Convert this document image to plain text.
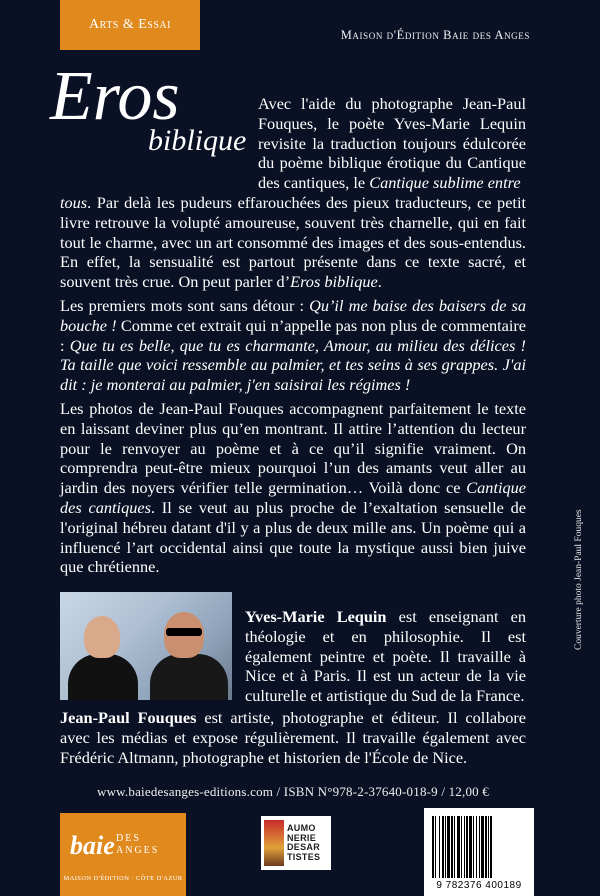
Arts & Essai
Maison d'Édition Baie des Anges
Eros
biblique
Avec l'aide du photographe Jean-Paul Fouques, le poète Yves-Marie Lequin revisite la traduction toujours édulcorée du poème biblique érotique du Cantique des cantiques, le Cantique sublime entre
tous. Par delà les pudeurs effarouchées des pieux traducteurs, ce petit livre retrouve la volupté amoureuse, souvent très charnelle, qui en fait tout le charme, avec un art consommé des images et des sous-entendus. En effet, la sensualité est partout présente dans ce texte sacré, et souvent très crue. On peut parler d’Eros biblique.
Les premiers mots sont sans détour : Qu’il me baise des baisers de sa bouche ! Comme cet extrait qui n’appelle pas non plus de commentaire : Que tu es belle, que tu es charmante, Amour, au milieu des délices ! Ta taille que voici ressemble au palmier, et tes seins à ses grappes. J'ai dit : je monterai au palmier, j'en saisirai les régimes !
Les photos de Jean-Paul Fouques accompagnent parfaitement le texte en laissant deviner plus qu’en montrant. Il attire l’attention du lecteur pour le renvoyer au poème et à ce qu’il signifie vraiment. On comprendra peut-être mieux pourquoi l’un des amants veut aller au jardin des noyers vérifier telle germination… Voilà donc ce Cantique des cantiques. Il se veut au plus proche de l’exaltation sensuelle de l'original hébreu datant d'il y a plus de deux mille ans. Un poème qui a influencé l’art occidental ainsi que toute la mystique aussi bien juive que chrétienne.
Yves-Marie Lequin est enseignant en théologie et en philosophie. Il est également peintre et poète. Il travaille à Nice et à Paris. Il est un acteur de la vie culturelle et artistique du Sud de la France.
Jean-Paul Fouques est artiste, photographe et éditeur. Il collabore avec les médias et expose régulièrement. Il travaille également avec Frédéric Altmann, photographe et historien de l'École de Nice.
www.baiedesanges-editions.com / ISBN N°978-2-37640-018-9 / 12,00 €
baie DES
ANGES
MAISON D'ÉDITION · CÔTE D'AZUR
AUMO
NERIE
DESAR
TISTES
9 782376 400189
Couverture photo Jean-Paul Fouques
